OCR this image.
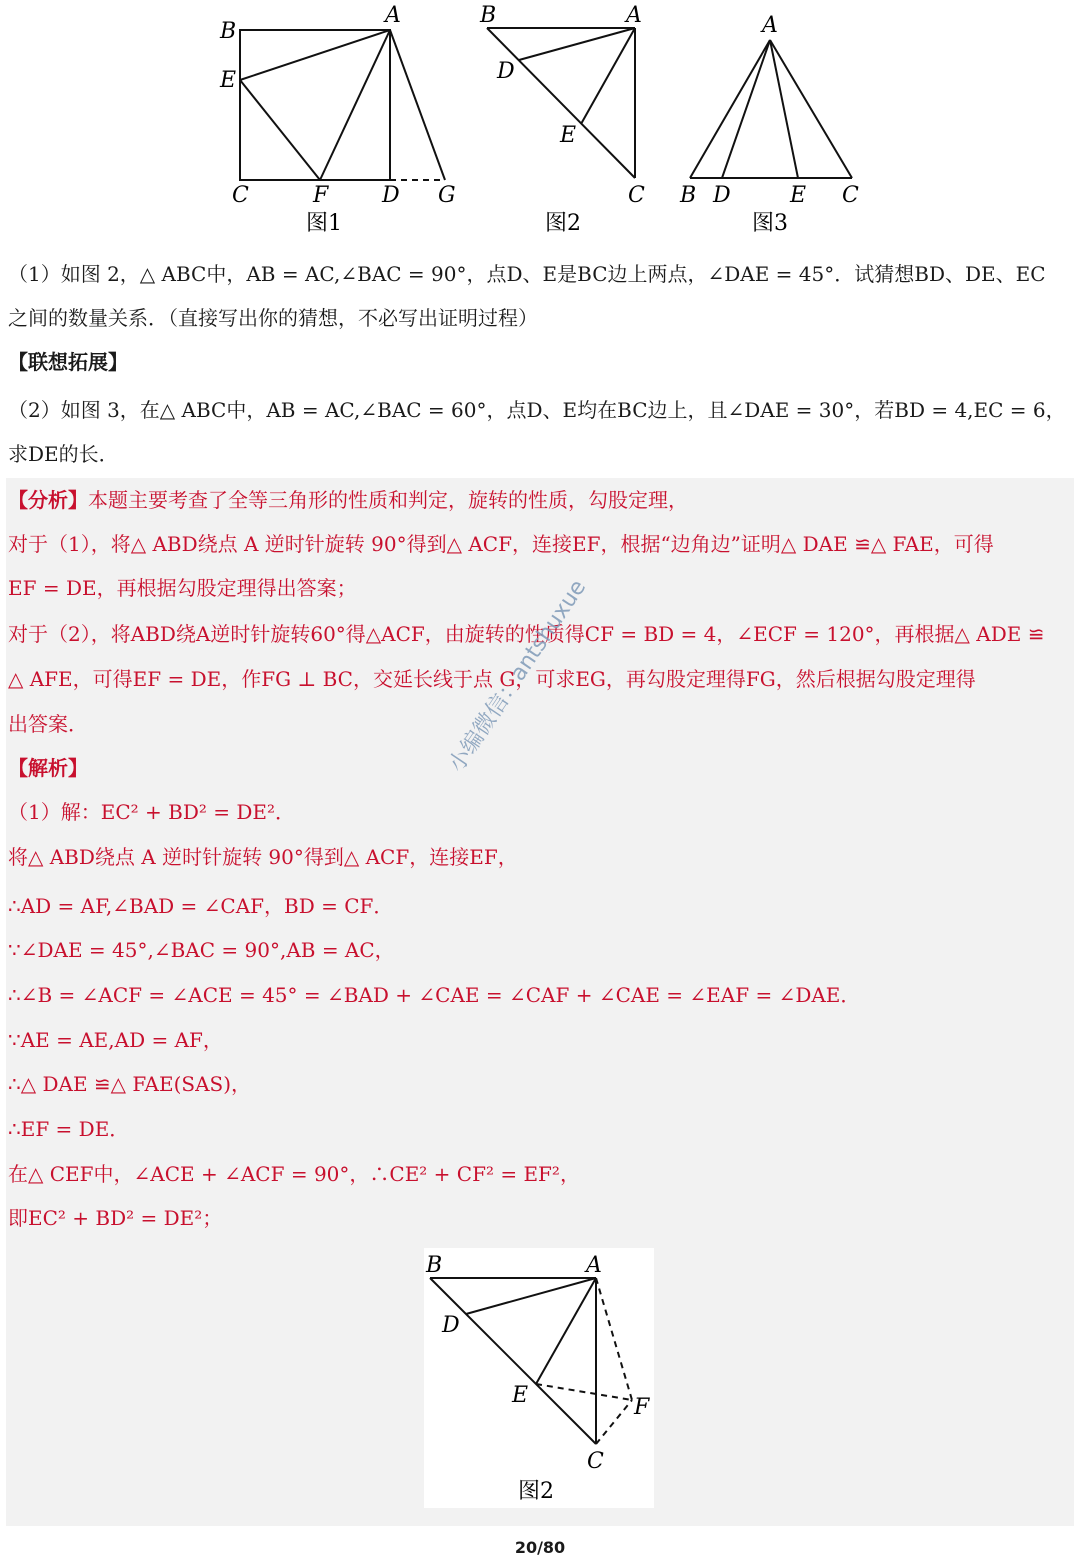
A
B
E
C	F D G
图1
B	A
D
E
C
图2
A
B D	E C
图3
（1）如图 2，△ ABC中，AB = AC,∠BAC = 90°，点D、E是BC边上两点，∠DAE = 45°．试猜想BD、DE、EC
之间的数量关系．（直接写出你的猜想，不必写出证明过程）
【联想拓展】
（2）如图 3，在△ ABC中，AB = AC,∠BAC = 60°，点D、E均在BC边上，且∠DAE = 30°，若BD = 4,EC = 6，
求DE的长．
【分析】本题主要考查了全等三角形的性质和判定，旋转的性质，勾股定理，
对于（1），将△ ABD绕点 A 逆时针旋转 90°得到△ ACF，连接EF，根据“边角边”证明△ DAE ≌△ FAE，可得
EF = DE，再根据勾股定理得出答案；
对于（2），将ABD绕A逆时针旋转60°得△ACF，由旋转的性质得CF = BD = 4，∠ECF = 120°，再根据△ ADE ≌
△ AFE，可得EF = DE，作FG ⊥ BC，交延长线于点 G，可求EG，再勾股定理得FG，然后根据勾股定理得
出答案．
【解析】
（1）解：EC² + BD² = DE²．
将△ ABD绕点 A 逆时针旋转 90°得到△ ACF，连接EF，
∴AD = AF,∠BAD = ∠CAF，BD = CF．
∵∠DAE = 45°,∠BAC = 90°,AB = AC，
∴∠B = ∠ACF = ∠ACE = 45° = ∠BAD + ∠CAE = ∠CAF + ∠CAE = ∠EAF = ∠DAE．
∵AE = AE,AD = AF，
∴△ DAE ≌△ FAE(SAS)，
∴EF = DE．
在△ CEF中，∠ACE + ∠ACF = 90°，∴CE² + CF² = EF²，
即EC² + BD² = DE²；
B	A
D
E	F
C
图2
小编微信：antshuxue
20/80
